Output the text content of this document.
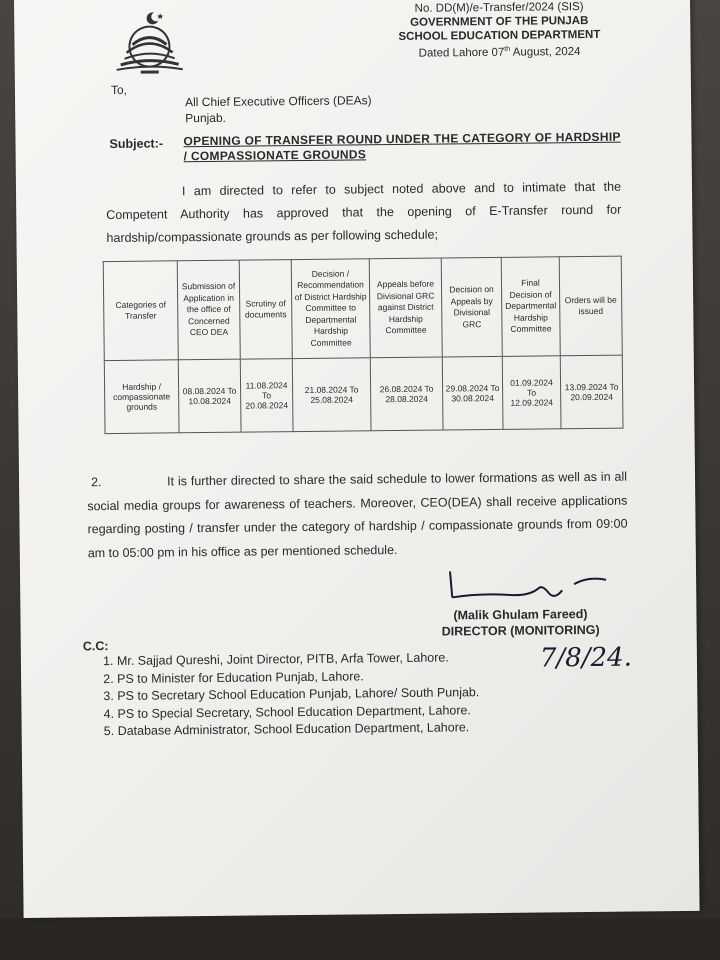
No. DD(M)/e-Transfer/2024 (SIS)
GOVERNMENT OF THE PUNJAB
SCHOOL EDUCATION DEPARTMENT
Dated Lahore 07th August, 2024
To,
All Chief Executive Officers (DEAs)
Punjab.
Subject:- OPENING OF TRANSFER ROUND UNDER THE CATEGORY OF HARDSHIP / COMPASSIONATE GROUNDS
I am directed to refer to subject noted above and to intimate that the Competent Authority has approved that the opening of E-Transfer round for hardship/compassionate grounds as per following schedule;
Categories of Transfer	Submission of Application in the office of Concerned CEO DEA	Scrutiny of documents	Decision / Recommendation of District Hardship Committee to Departmental Hardship Committee	Appeals before Divisional GRC against District Hardship Committee	Decision on Appeals by Divisional GRC	Final Decision of Departmental Hardship Committee	Orders will be issued
Hardship / compassionate grounds	08.08.2024 To 10.08.2024	11.08.2024 To 20.08.2024	21.08.2024 To 25.08.2024	26.08.2024 To 28.08.2024	29.08.2024 To 30.08.2024	01.09.2024 To 12.09.2024	13.09.2024 To 20.09.2024
2.	It is further directed to share the said schedule to lower formations as well as in all social media groups for awareness of teachers. Moreover, CEO(DEA) shall receive applications regarding posting / transfer under the category of hardship / compassionate grounds from 09:00 am to 05:00 pm in his office as per mentioned schedule.
(Malik Ghulam Fareed)
DIRECTOR (MONITORING)
7/8/24.
C.C:
1. Mr. Sajjad Qureshi, Joint Director, PITB, Arfa Tower, Lahore.
2. PS to Minister for Education Punjab, Lahore.
3. PS to Secretary School Education Punjab, Lahore/ South Punjab.
4. PS to Special Secretary, School Education Department, Lahore.
5. Database Administrator, School Education Department, Lahore.
